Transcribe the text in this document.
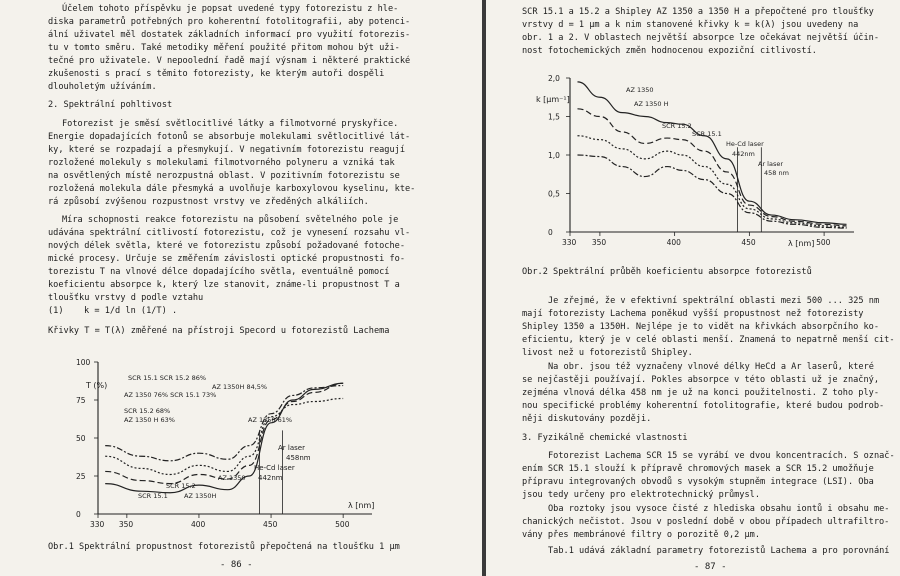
Účelem tohoto příspěvku je popsat uvedené typy fotorezistu z hle-
diska parametrů potřebných pro koherentní fotolitografii, aby potenci-
ální uživatel měl dostatek základních informací pro využití fotorezis-
tu v tomto směru. Také metodiky měření použité přitom mohou být uži-
tečné pro uživatele. V nepoolední řadě mají výsnam i některé praktické
zkušenosti s prací s těmito fotorezisty, ke kterým autoři dospěli
dlouholetým užíváním.
2. Spektrální pohltivost
Fotorezist je směsí světlocitlivé látky a filmotvorné pryskyřice.
Energie dopadajících fotonů se absorbuje molekulami světlocitlivé lát-
ky, které se rozpadají a přesmykují. V negativním fotorezistu reagují
rozložené molekuly s molekulami filmotvorného polyneru a vzniká tak
na osvětlených místě nerozpustná oblast. V pozitivním fotorezistu se
rozložená molekula dále přesmyká a uvolňuje karboxylovou kyselinu, kte-
rá způsobí zvýšenou rozpustnost vrstvy ve zředěných alkáliích.
Míra schopnosti reakce fotorezistu na působení světelného pole je
udávána spektrální citlivostí fotorezistu, což je vynesení rozsahu vl-
nových délek světla, které ve fotorezistu způsobí požadované fotoche-
mické procesy. Určuje se změřením závislosti optické propustnosti fo-
torezistu T na vlnové délce dopadajícího světla, eventuálně pomocí
koeficientu absorpce k, který lze stanovit, známe-li propustnost T a
tloušťku vrstvy d podle vztahu
(1) k = 1/d ln (1/T) .
Křivky T = T(λ) změřené na přístroji Specord u fotorezistů Lachema
100
75
50
25
0
330 350	400	450	500
T (%)
λ [nm]
SCR 15.1 SCR 15.2 86%
AZ 1350H 84,5%
AZ 1350 76% SCR 15.1 73%
SCR 15.2 68%
AZ 1350 H 63%	AZ 1350 61%
Ar laser
458nm
He-Cd laser
442nm
AZ 1350
SCR 15.2
SCR 15.1	AZ 1350H
Obr.1 Spektrální propustnost fotorezistů přepočtená na tloušťku 1 µm
- 86 -
SCR 15.1 a 15.2 a Shipley AZ 1350 a 1350 H a přepočtené pro tloušťky
vrstvy d = 1 µm a k nim stanovené křivky k = k(λ) jsou uvedeny na
obr. 1 a 2. V oblastech největší absorpce lze očekávat největší účin-
nost fotochemických změn hodnocenou expoziční citlivostí.
2,0
1,5
1,0
0,5
0
330 350	400	450	500
k [µm⁻¹]
λ [nm]
AZ 1350
AZ 1350 H
SCR 15.2
SCR 15.1
He-Cd laser
442nm
Ar laser
458 nm
Obr.2 Spektrální průběh koeficientu absorpce fotorezistů
Je zřejmé, že v efektivní spektrální oblasti mezi 500 ... 325 nm
mají fotorezisty Lachema poněkud vyšší propustnost než fotorezisty
Shipley 1350 a 1350H. Nejlépe je to vidět na křivkách absorpčního ko-
eficientu, který je v celé oblasti menší. Znamená to nepatrně menší cit-
livost než u fotorezistů Shipley.
Na obr. jsou též vyznačeny vlnové délky HeCd a Ar laserů, které
se nejčastěji používají. Pokles absorpce v této oblasti už je značný,
zejména vlnová délka 458 nm je už na konci použitelnosti. Z toho ply-
nou specifické problémy koherentní fotolitografie, které budou podrob-
něji diskutovány později.
3. Fyzikálně chemické vlastnosti
Fotorezist Lachema SCR 15 se vyrábí ve dvou koncentracích. S označ-
ením SCR 15.1 slouží k přípravě chromových masek a SCR 15.2 umožňuje
přípravu integrovaných obvodů s vysokým stupněm integrace (LSI). Oba
jsou tedy určeny pro elektrotechnický průmysl.
Oba roztoky jsou vysoce čisté z hlediska obsahu iontů i obsahu me-
chanických nečistot. Jsou v poslední době v obou případech ultrafiltro-
vány přes membránové filtry o porozitě 0,2 µm.
Tab.1 udává základní parametry fotorezistů Lachema a pro porovnání
- 87 -
